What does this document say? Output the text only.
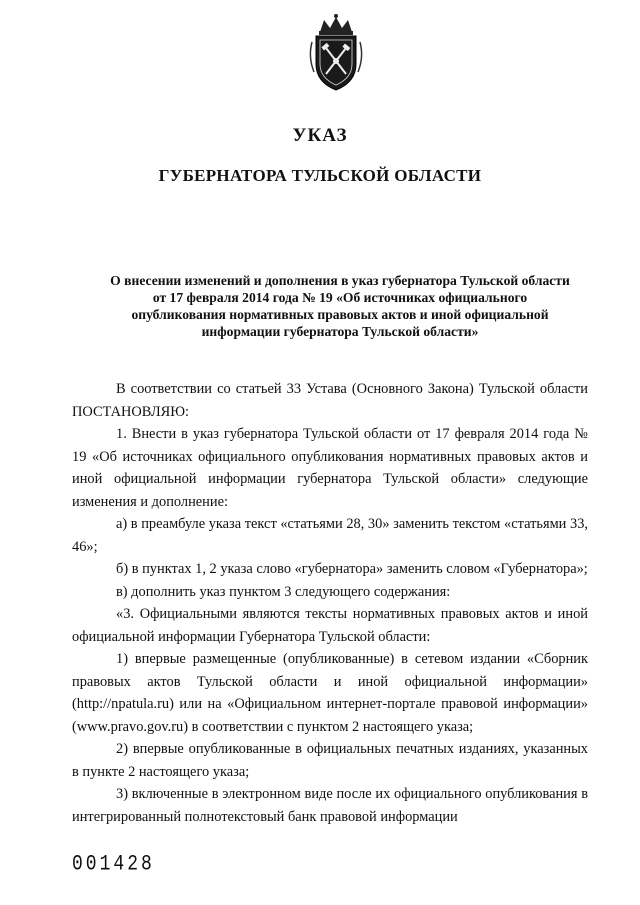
УКАЗ
ГУБЕРНАТОРА ТУЛЬСКОЙ ОБЛАСТИ
О внесении изменений и дополнения в указ губернатора Тульской области
от 17 февраля 2014 года № 19 «Об источниках официального
опубликования нормативных правовых актов и иной официальной
информации губернатора Тульской области»

В соответствии со статьей 33 Устава (Основного Закона) Тульской области ПОСТАНОВЛЯЮ:

1. Внести в указ губернатора Тульской области от 17 февраля 2014 года № 19 «Об источниках официального опубликования нормативных правовых актов и иной официальной информации губернатора Тульской области» следующие изменения и дополнение:

а) в преамбуле указа текст «статьями 28, 30» заменить текстом «статьями 33, 46»;

б) в пунктах 1, 2 указа слово «губернатора» заменить словом «Губернатора»;

в) дополнить указ пунктом 3 следующего содержания:

«3. Официальными являются тексты нормативных правовых актов и иной официальной информации Губернатора Тульской области:

1) впервые размещенные (опубликованные) в сетевом издании «Сборник правовых актов Тульской области и иной официальной информации» (http://npatula.ru) или на «Официальном интернет-портале правовой информации» (www.pravo.gov.ru) в соответствии с пунктом 2 настоящего указа;

2) впервые опубликованные в официальных печатных изданиях, указанных в пункте 2 настоящего указа;

3) включенные в электронном виде после их официального опубликования в интегрированный полнотекстовый банк правовой информации

001428
